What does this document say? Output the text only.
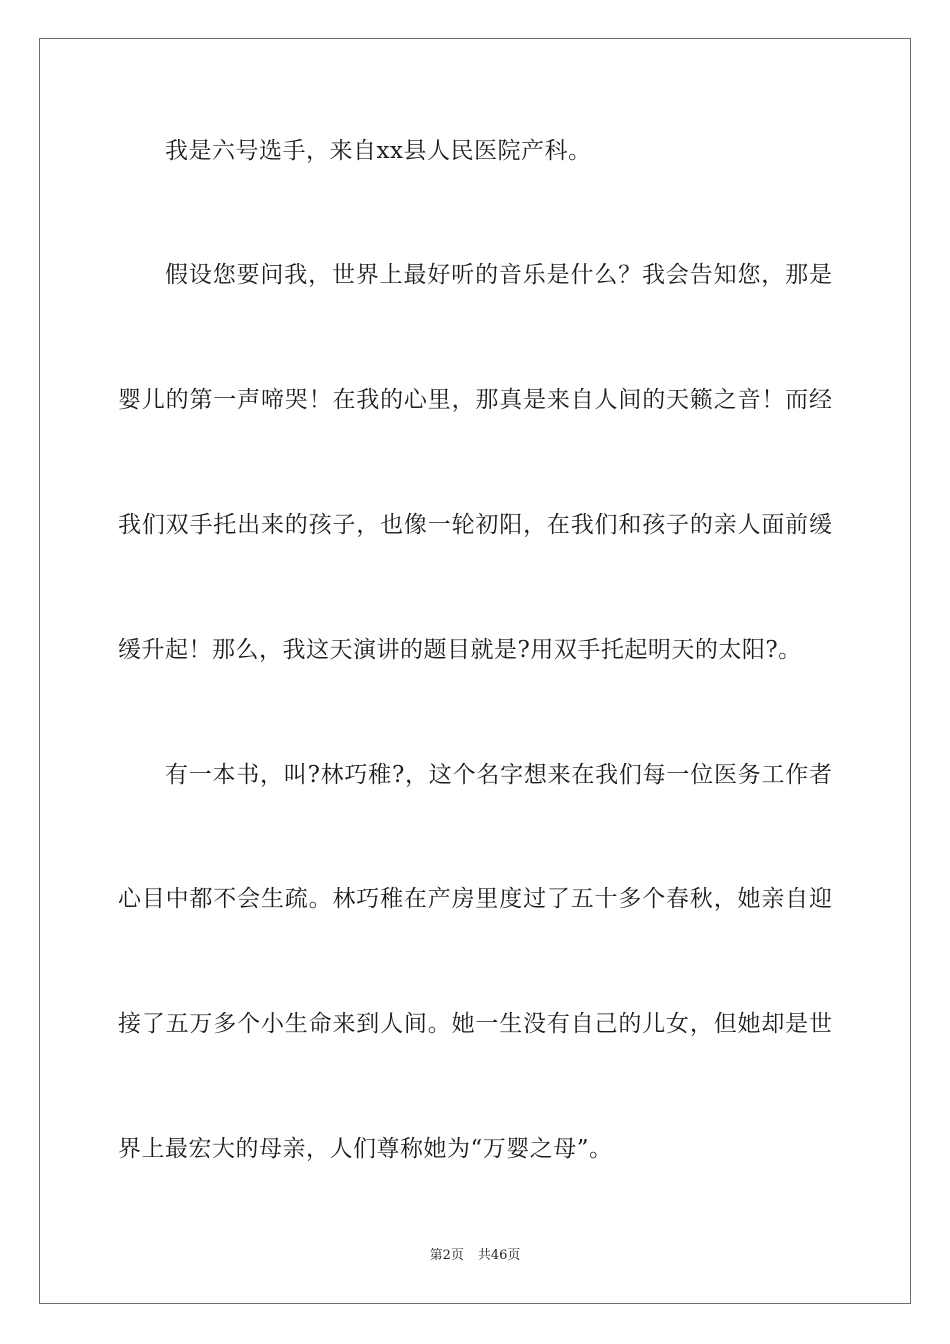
我是六号选手，来自xx县人民医院产科。
假设您要问我，世界上最好听的音乐是什么？我会告知您，那是
婴儿的第一声啼哭！在我的心里，那真是来自人间的天籁之音！而经
我们双手托出来的孩子，也像一轮初阳，在我们和孩子的亲人面前缓
缓升起！那么，我这天演讲的题目就是?用双手托起明天的太阳?。
有一本书，叫?林巧稚?，这个名字想来在我们每一位医务工作者
心目中都不会生疏。林巧稚在产房里度过了五十多个春秋，她亲自迎
接了五万多个小生命来到人间。她一生没有自己的儿女，但她却是世
界上最宏大的母亲，人们尊称她为“万婴之母”。
第2页 共46页
